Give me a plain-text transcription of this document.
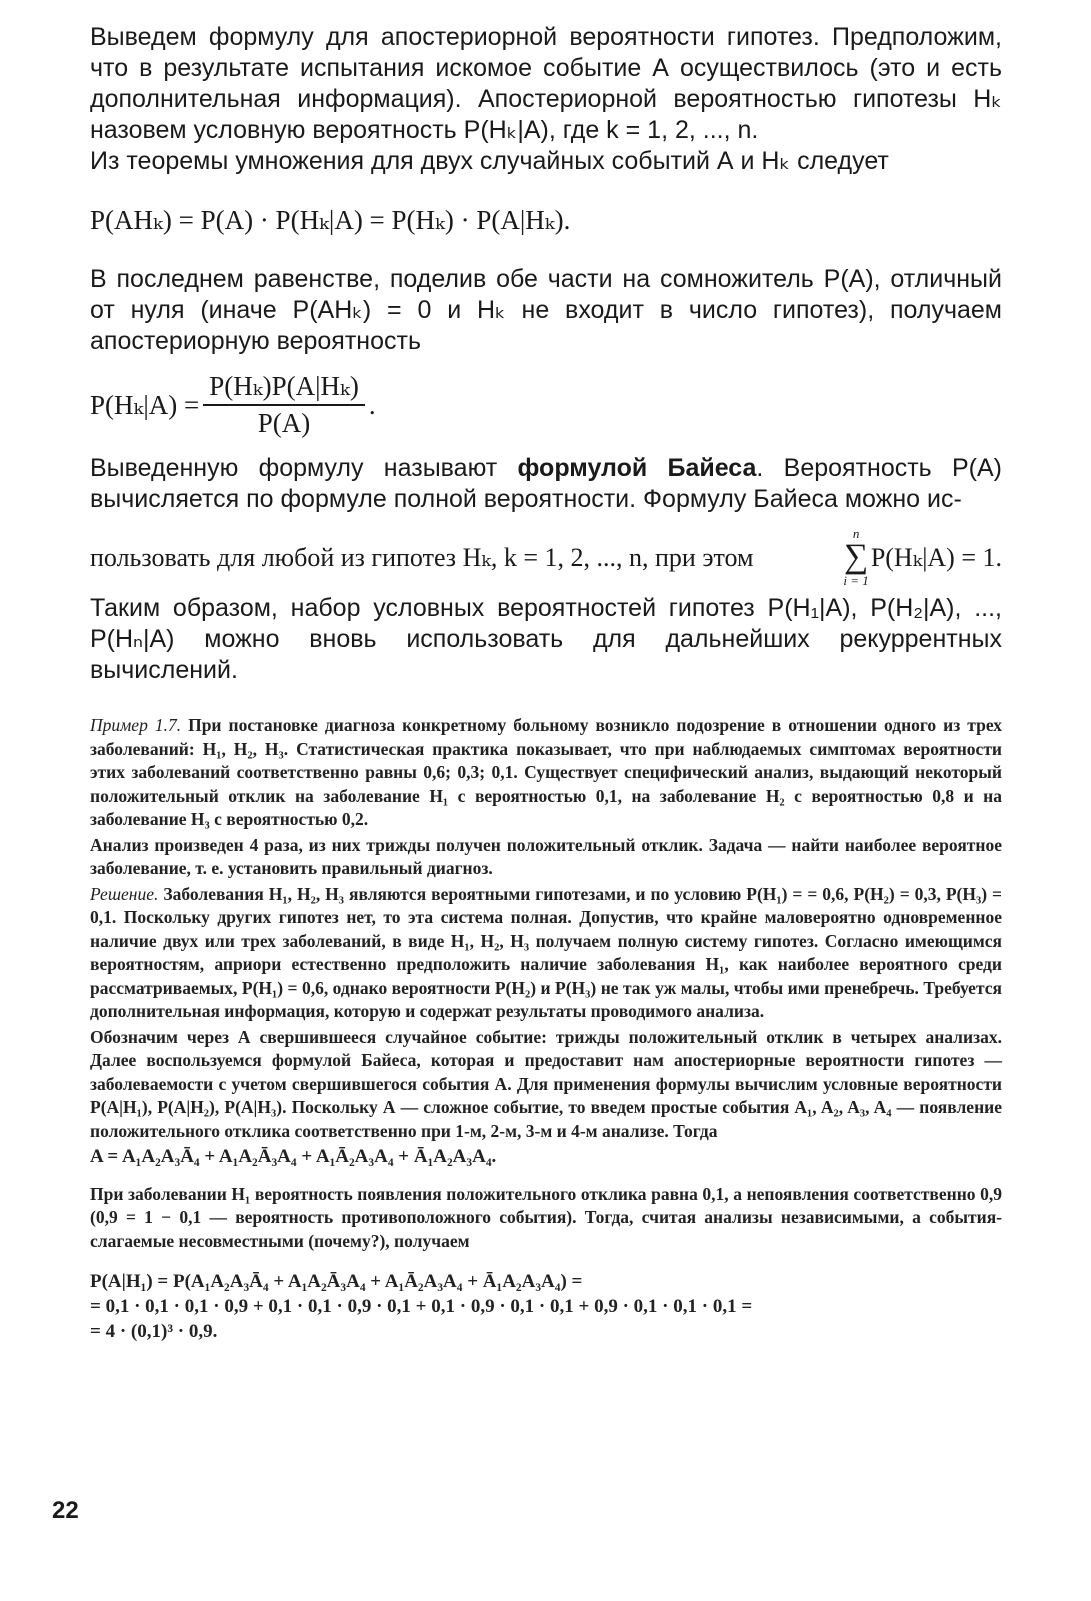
Выведем формулу для апостериорной вероятности гипотез. Предположим, что в результате испытания искомое событие А осуществилось (это и есть дополнительная информация). Апостериорной вероятностью гипотезы Hₖ назовем условную вероятность P(Hₖ|A), где k = 1, 2, ..., n.

Из теоремы умножения для двух случайных событий А и Hₖ следует

P(AHₖ) = P(A) · P(Hₖ|A) = P(Hₖ) · P(A|Hₖ).

В последнем равенстве, поделив обе части на сомножитель P(A), отличный от нуля (иначе P(AHₖ) = 0 и Hₖ не входит в число гипотез), получаем апостериорную вероятность

$P(H_k|A) = \frac{\text{P(Hₖ)P(A|Hₖ)}}{P(A)}$ .

Выведенную формулу называют формулой Байеса. Вероятность P(A) вычисляется по формуле полной вероятности. Формулу Байеса можно ис-

пользовать для любой из гипотез Hₖ, k = 1, 2, ..., n, при этом
n
∑
i = 1
P(Hₖ|A) = 1.

Таким образом, набор условных вероятностей гипотез P(H₁|A), P(H₂|A), ..., P(Hₙ|A) можно вновь использовать для дальнейших рекуррентных вычислений.

Пример 1.7. При постановке диагноза конкретному больному возникло подозрение в отношении одного из трех заболеваний: H₁, H₂, H₃. Статистическая практика показывает, что при наблюдаемых симптомах вероятности этих заболеваний соответственно равны 0,6; 0,3; 0,1. Существует специфический анализ, выдающий некоторый положительный отклик на заболевание H₁ с вероятностью 0,1, на заболевание H₂ с вероятностью 0,8 и на заболевание H₃ с вероятностью 0,2.

Анализ произведен 4 раза, из них трижды получен положительный отклик. Задача — найти наиболее вероятное заболевание, т. е. установить правильный диагноз.

Решение. Заболевания H₁, H₂, H₃ являются вероятными гипотезами, и по условию P(H₁) = = 0,6, P(H₂) = 0,3, P(H₃) = 0,1. Поскольку других гипотез нет, то эта система полная. Допустив, что крайне маловероятно одновременное наличие двух или трех заболеваний, в виде H₁, H₂, H₃ получаем полную систему гипотез. Согласно имеющимся вероятностям, априори естественно предположить наличие заболевания H₁, как наиболее вероятного среди рассматриваемых, P(H₁) = 0,6, однако вероятности P(H₂) и P(H₃) не так уж малы, чтобы ими пренебречь. Требуется дополнительная информация, которую и содержат результаты проводимого анализа.

Обозначим через А свершившееся случайное событие: трижды положительный отклик в четырех анализах. Далее воспользуемся формулой Байеса, которая и предоставит нам апостериорные вероятности гипотез — заболеваемости с учетом свершившегося события А. Для применения формулы вычислим условные вероятности P(A|H₁), P(A|H₂), P(A|H₃). Поскольку А — сложное событие, то введем простые события A₁, A₂, A₃, A₄ — появление положительного отклика соответственно при 1-м, 2-м, 3-м и 4-м анализе. Тогда

A = A₁A₂A₃Ā₄ + A₁A₂Ā₃A₄ + A₁Ā₂A₃A₄ + Ā₁A₂A₃A₄.

При заболевании H₁ вероятность появления положительного отклика равна 0,1, а непоявления соответственно 0,9 (0,9 = 1 − 0,1 — вероятность противоположного события). Тогда, считая анализы независимыми, а события-слагаемые несовместными (почему?), получаем

P(A|H₁) = P(A₁A₂A₃Ā₄ + A₁A₂Ā₃A₄ + A₁Ā₂A₃A₄ + Ā₁A₂A₃A₄) =
= 0,1 · 0,1 · 0,1 · 0,9 + 0,1 · 0,1 · 0,9 · 0,1 + 0,1 · 0,9 · 0,1 · 0,1 + 0,9 · 0,1 · 0,1 · 0,1 =
= 4 · (0,1)³ · 0,9.
22
